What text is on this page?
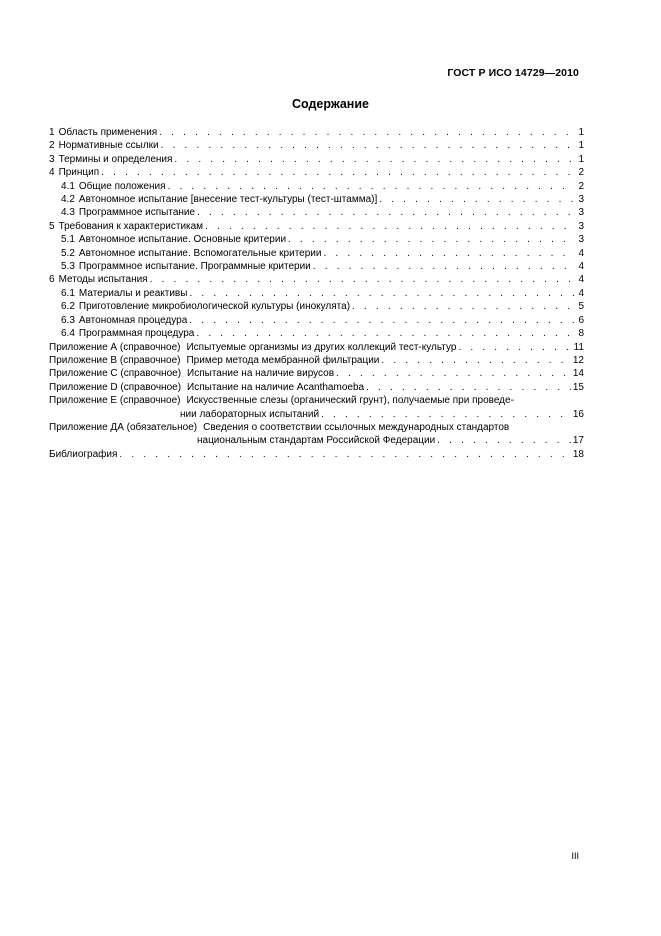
ГОСТ Р ИСО 14729—2010
Содержание
1 Область применения . . .	1
2 Нормативные ссылки . . .	1
3 Термины и определения . . .	1
4 Принцип . . .	2
4.1 Общие положения . . .	2
4.2 Автономное испытание [внесение тест-культуры (тест-штамма)] . . .	3
4.3 Программное испытание . . .	3
5 Требования к характеристикам . . .	3
5.1 Автономное испытание. Основные критерии . . .	3
5.2 Автономное испытание. Вспомогательные критерии . . .	4
5.3 Программное испытание. Программные критерии . . .	4
6 Методы испытания . . .	4
6.1 Материалы и реактивы . . .	4
6.2 Приготовление микробиологической культуры (инокулята) . . .	5
6.3 Автономная процедура . . .	6
6.4 Программная процедура . . .	8
Приложение А (справочное) Испытуемые организмы из других коллекций тест-культур . . .	11
Приложение В (справочное) Пример метода мембранной фильтрации . . .	12
Приложение С (справочное) Испытание на наличие вирусов . . .	14
Приложение D (справочное) Испытание на наличие Acanthamoeba . . .	15
Приложение Е (справочное) Искусственные слезы (органический грунт), получаемые при проведе-
нии лабораторных испытаний . . .	16
Приложение ДА (обязательное) Сведения о соответствии ссылочных международных стандартов
национальным стандартам Российской Федерации . . .	17
Библиография . . .	18
III
